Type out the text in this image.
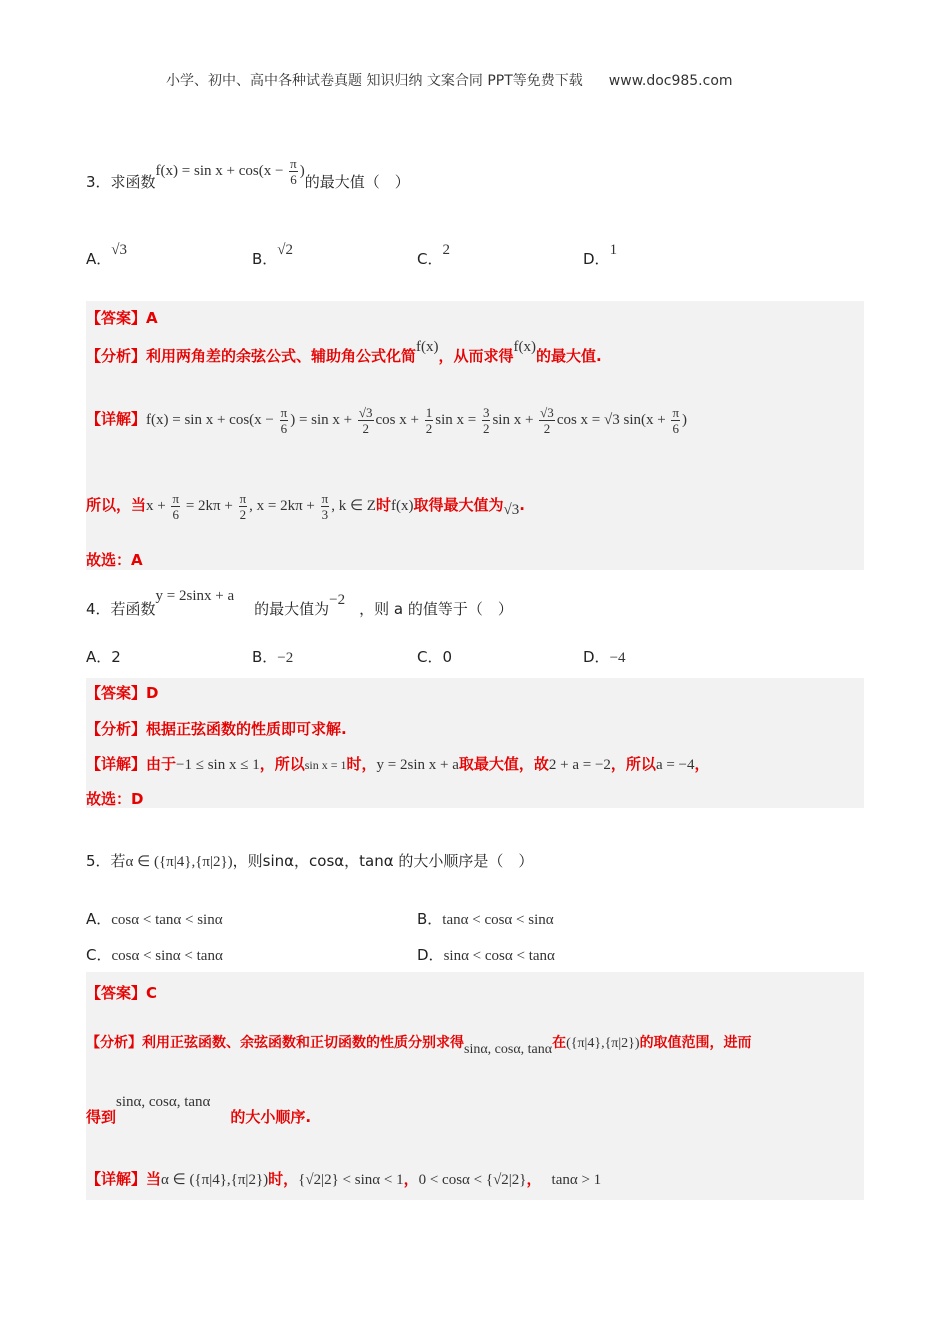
小学、初中、高中各种试卷真题 知识归纳 文案合同 PPT等免费下载 www.doc985.com
3．求函数$f(x) = \sin x + \cos(x - \frac{\pi}{6}$ )的最大值（　）
A．√3	B．√2	C．2	D．1
【答案】A
【分析】利用两角差的余弦公式、辅助角公式化简f(x)，从而求得f(x)的最大值.
【详解】$f(x) = \sin x + \cos(x - \frac{\pi}{6}$ ) = $\sin x + \frac{√3}{2}$ $\cos x + \frac{1}{2}$ $\sin x = \frac{3}{2}$ $\sin x + \frac{√3}{2}$ cos x = √3 $\sin(x + \frac{\pi}{6}$ )
所以，当$x + \frac{\pi}{6} = 2k\pi + \frac{\pi}{2}$ , $x = 2k\pi + \frac{\pi}{3}$ , k ∈ Z时f(x)取得最大值为√3.
故选：A
4．若函数y = 2sinx + a的最大值为−2 ，则 a 的值等于（　）
A．2	B．−2	C．0	D．−4
【答案】D
【分析】根据正弦函数的性质即可求解.
【详解】由于−1 ≤ sin x ≤ 1，所以sin x = 1时，y = 2sin x + a取最大值，故2 + a = −2，所以a = −4，
故选：D
5．若α ∈ ({π|4},{π|2})，则sinα，cosα，tanα 的大小顺序是（　）
A．cosα < tanα < sinα	B．tanα < cosα < sinα
C．cosα < sinα < tanα	D．sinα < cosα < tanα
【答案】C
【分析】利用正弦函数、余弦函数和正切函数的性质分别求得sinα, cosα, tanα在({π|4},{π|2})的取值范围，进而
得到sinα, cosα, tanα的大小顺序.
【详解】当α ∈ ({π|4},{π|2})时，{√2|2} < sinα < 1，0 < cosα < {√2|2}， tanα > 1
